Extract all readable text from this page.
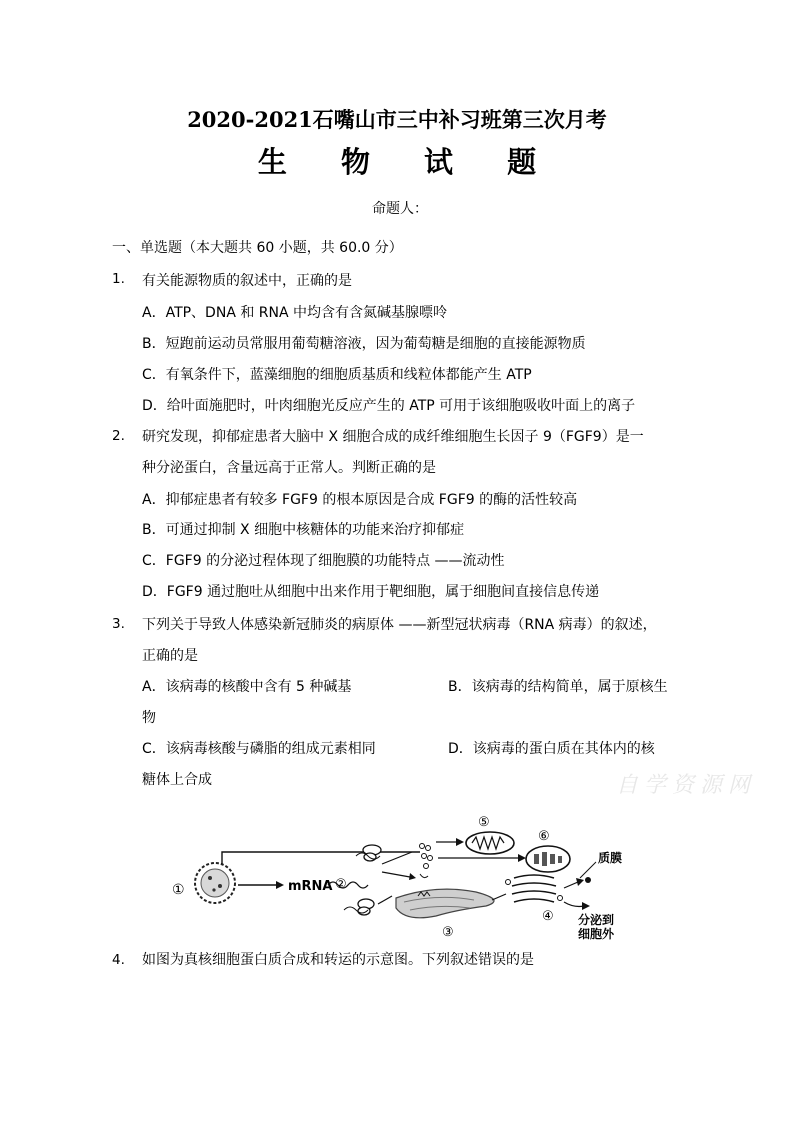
2020-2021石嘴山市三中补习班第三次月考
生 物 试 题
命题人：
一、单选题（本大题共 60 小题，共 60.0 分）
1. 有关能源物质的叙述中，正确的是
A．ATP、DNA 和 RNA 中均含有含氮碱基腺嘌呤
B．短跑前运动员常服用葡萄糖溶液，因为葡萄糖是细胞的直接能源物质
C．有氧条件下，蓝藻细胞的细胞质基质和线粒体都能产生 ATP
D．给叶面施肥时，叶肉细胞光反应产生的 ATP 可用于该细胞吸收叶面上的离子
2. 研究发现，抑郁症患者大脑中 X 细胞合成的成纤维细胞生长因子 9（FGF9）是一
种分泌蛋白，含量远高于正常人。判断正确的是
A．抑郁症患者有较多 FGF9 的根本原因是合成 FGF9 的酶的活性较高
B．可通过抑制 X 细胞中核糖体的功能来治疗抑郁症
C．FGF9 的分泌过程体现了细胞膜的功能特点 ——流动性
D．FGF9 通过胞吐从细胞中出来作用于靶细胞，属于细胞间直接信息传递
3. 下列关于导致人体感染新冠肺炎的病原体 ——新型冠状病毒（RNA 病毒）的叙述，
正确的是
A．该病毒的核酸中含有 5 种碱基	B．该病毒的结构简单，属于原核生
物
C．该病毒核酸与磷脂的组成元素相同	D．该病毒的蛋白质在其体内的核
糖体上合成	自学资源网
①	mRNA ②
⑤
⑥
③
④
质膜
分泌到
细胞外
4. 如图为真核细胞蛋白质合成和转运的示意图。下列叙述错误的是
